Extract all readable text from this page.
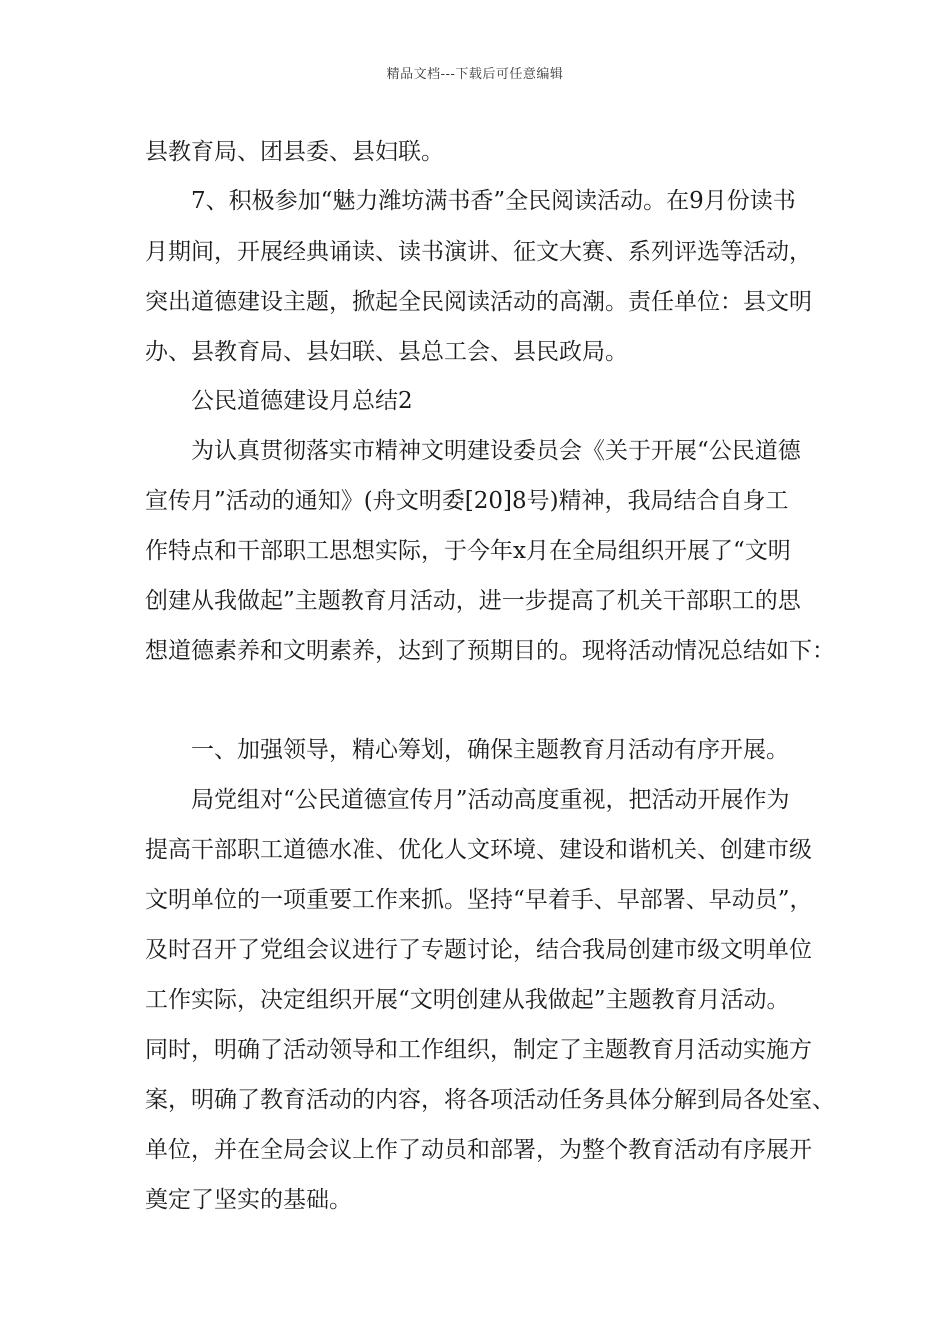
精品文档---下载后可任意编辑
县教育局、团县委、县妇联。
7、积极参加“魅力潍坊满书香”全民阅读活动。在9月份读书
月期间，开展经典诵读、读书演讲、征文大赛、系列评选等活动，
突出道德建设主题，掀起全民阅读活动的高潮。责任单位：县文明
办、县教育局、县妇联、县总工会、县民政局。
公民道德建设月总结2
为认真贯彻落实市精神文明建设委员会《关于开展“公民道德
宣传月”活动的通知》(舟文明委[20]8号)精神，我局结合自身工
作特点和干部职工思想实际，于今年x月在全局组织开展了“文明
创建从我做起”主题教育月活动，进一步提高了机关干部职工的思
想道德素养和文明素养，达到了预期目的。现将活动情况总结如下：
一、加强领导，精心筹划，确保主题教育月活动有序开展。
局党组对“公民道德宣传月”活动高度重视，把活动开展作为
提高干部职工道德水准、优化人文环境、建设和谐机关、创建市级
文明单位的一项重要工作来抓。坚持“早着手、早部署、早动员”，
及时召开了党组会议进行了专题讨论，结合我局创建市级文明单位
工作实际，决定组织开展“文明创建从我做起”主题教育月活动。
同时，明确了活动领导和工作组织，制定了主题教育月活动实施方
案，明确了教育活动的内容，将各项活动任务具体分解到局各处室、
单位，并在全局会议上作了动员和部署，为整个教育活动有序展开
奠定了坚实的基础。
